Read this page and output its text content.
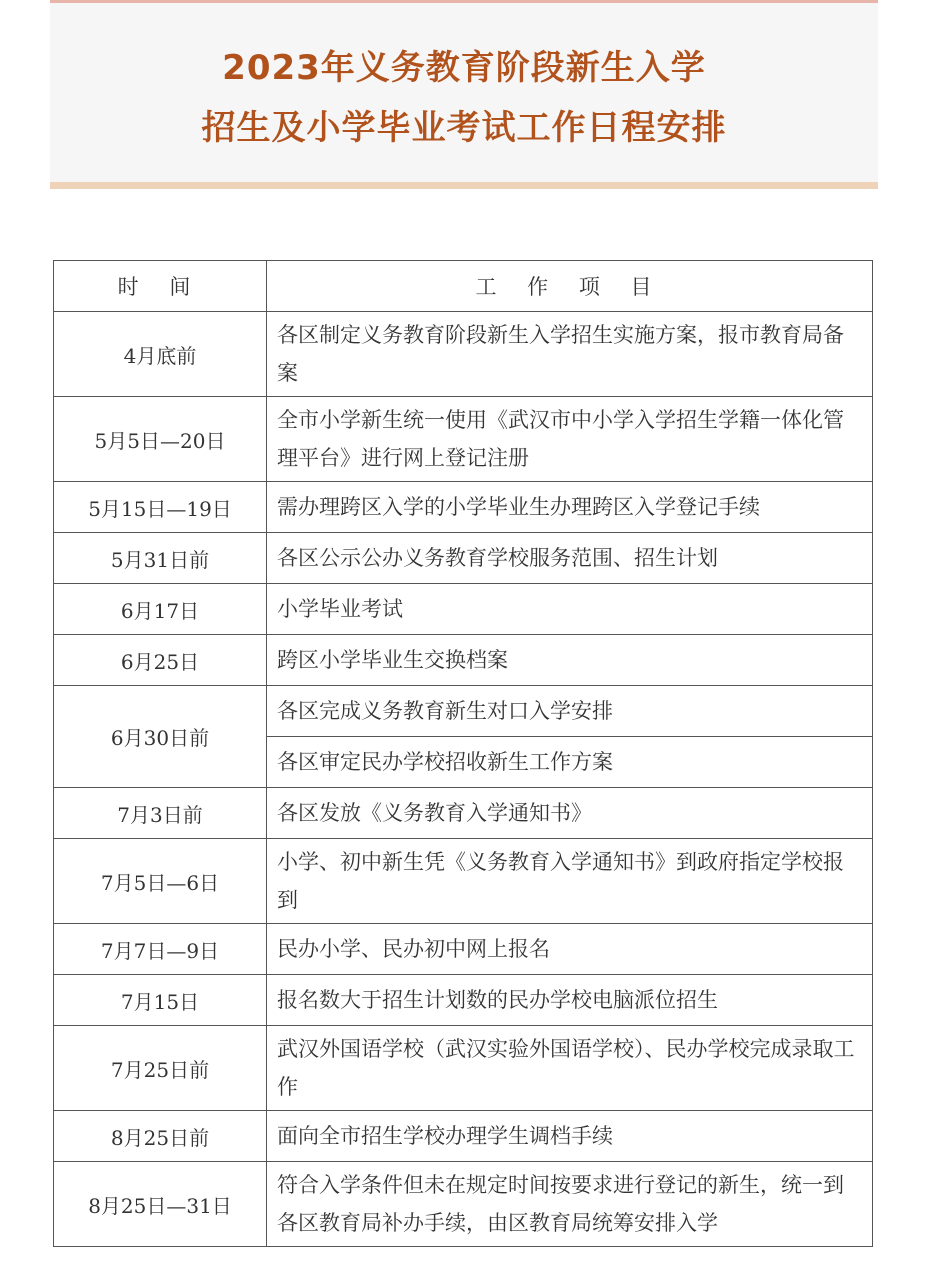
2023年义务教育阶段新生入学
招生及小学毕业考试工作日程安排
时 间	工 作 项 目
4月底前	各区制定义务教育阶段新生入学招生实施方案，报市教育局备案
5月5日—20日	全市小学新生统一使用《武汉市中小学入学招生学籍一体化管理平台》进行网上登记注册
5月15日—19日	需办理跨区入学的小学毕业生办理跨区入学登记手续
5月31日前	各区公示公办义务教育学校服务范围、招生计划
6月17日	小学毕业考试
6月25日	跨区小学毕业生交换档案
6月30日前	各区完成义务教育新生对口入学安排
	各区审定民办学校招收新生工作方案
7月3日前	各区发放《义务教育入学通知书》
7月5日—6日	小学、初中新生凭《义务教育入学通知书》到政府指定学校报到
7月7日—9日	民办小学、民办初中网上报名
7月15日	报名数大于招生计划数的民办学校电脑派位招生
7月25日前	武汉外国语学校（武汉实验外国语学校）、民办学校完成录取工作
8月25日前	面向全市招生学校办理学生调档手续
8月25日—31日	符合入学条件但未在规定时间按要求进行登记的新生，统一到各区教育局补办手续，由区教育局统筹安排入学
